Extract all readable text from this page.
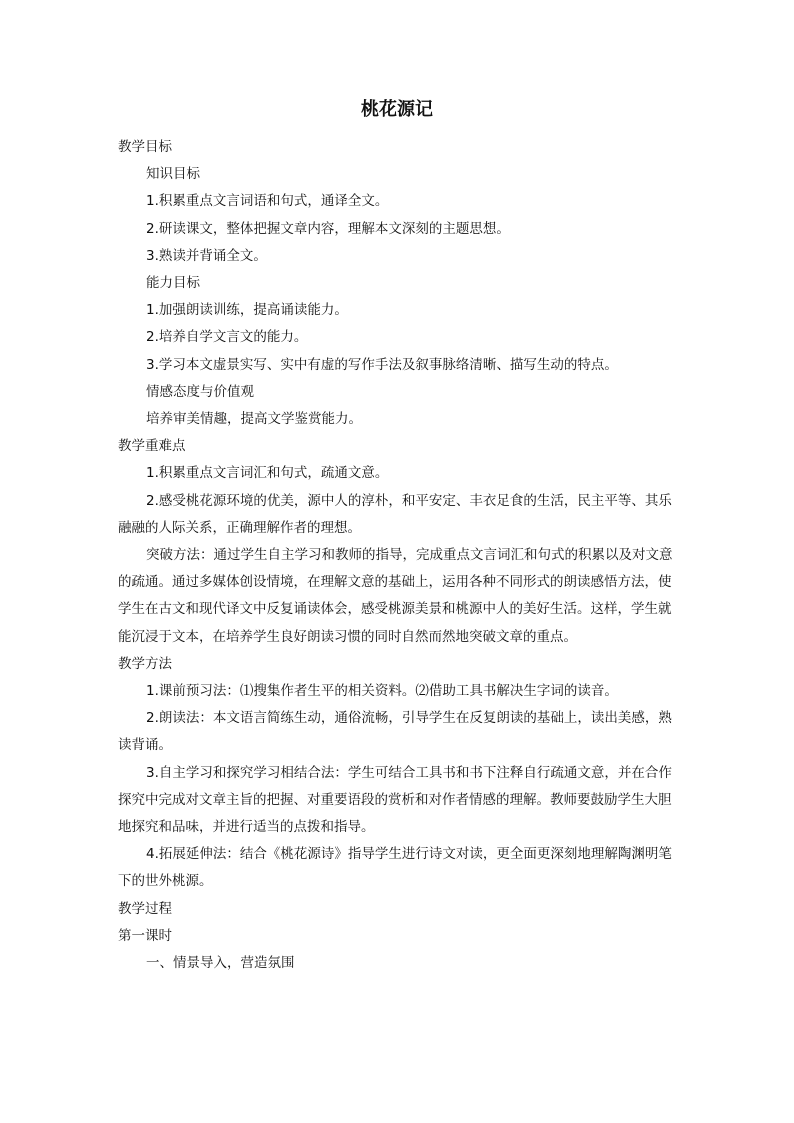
桃花源记

教学目标

知识目标

1.积累重点文言词语和句式，通译全文。

2.研读课文，整体把握文章内容，理解本文深刻的主题思想。

3.熟读并背诵全文。

能力目标

1.加强朗读训练，提高诵读能力。

2.培养自学文言文的能力。

3.学习本文虚景实写、实中有虚的写作手法及叙事脉络清晰、描写生动的特点。

情感态度与价值观

培养审美情趣，提高文学鉴赏能力。

教学重难点

1.积累重点文言词汇和句式，疏通文意。

2.感受桃花源环境的优美，源中人的淳朴，和平安定、丰衣足食的生活，民主平等、其乐融融的人际关系，正确理解作者的理想。

突破方法：通过学生自主学习和教师的指导，完成重点文言词汇和句式的积累以及对文意的疏通。通过多媒体创设情境，在理解文意的基础上，运用各种不同形式的朗读感悟方法，使学生在古文和现代译文中反复诵读体会，感受桃源美景和桃源中人的美好生活。这样，学生就能沉浸于文本，在培养学生良好朗读习惯的同时自然而然地突破文章的重点。

教学方法

1.课前预习法：⑴搜集作者生平的相关资料。⑵借助工具书解决生字词的读音。

2.朗读法：本文语言简练生动，通俗流畅，引导学生在反复朗读的基础上，读出美感，熟读背诵。

3.自主学习和探究学习相结合法：学生可结合工具书和书下注释自行疏通文意，并在合作探究中完成对文章主旨的把握、对重要语段的赏析和对作者情感的理解。教师要鼓励学生大胆地探究和品味，并进行适当的点拨和指导。

4.拓展延伸法：结合《桃花源诗》指导学生进行诗文对读，更全面更深刻地理解陶渊明笔下的世外桃源。

教学过程

第一课时

一、情景导入，营造氛围
